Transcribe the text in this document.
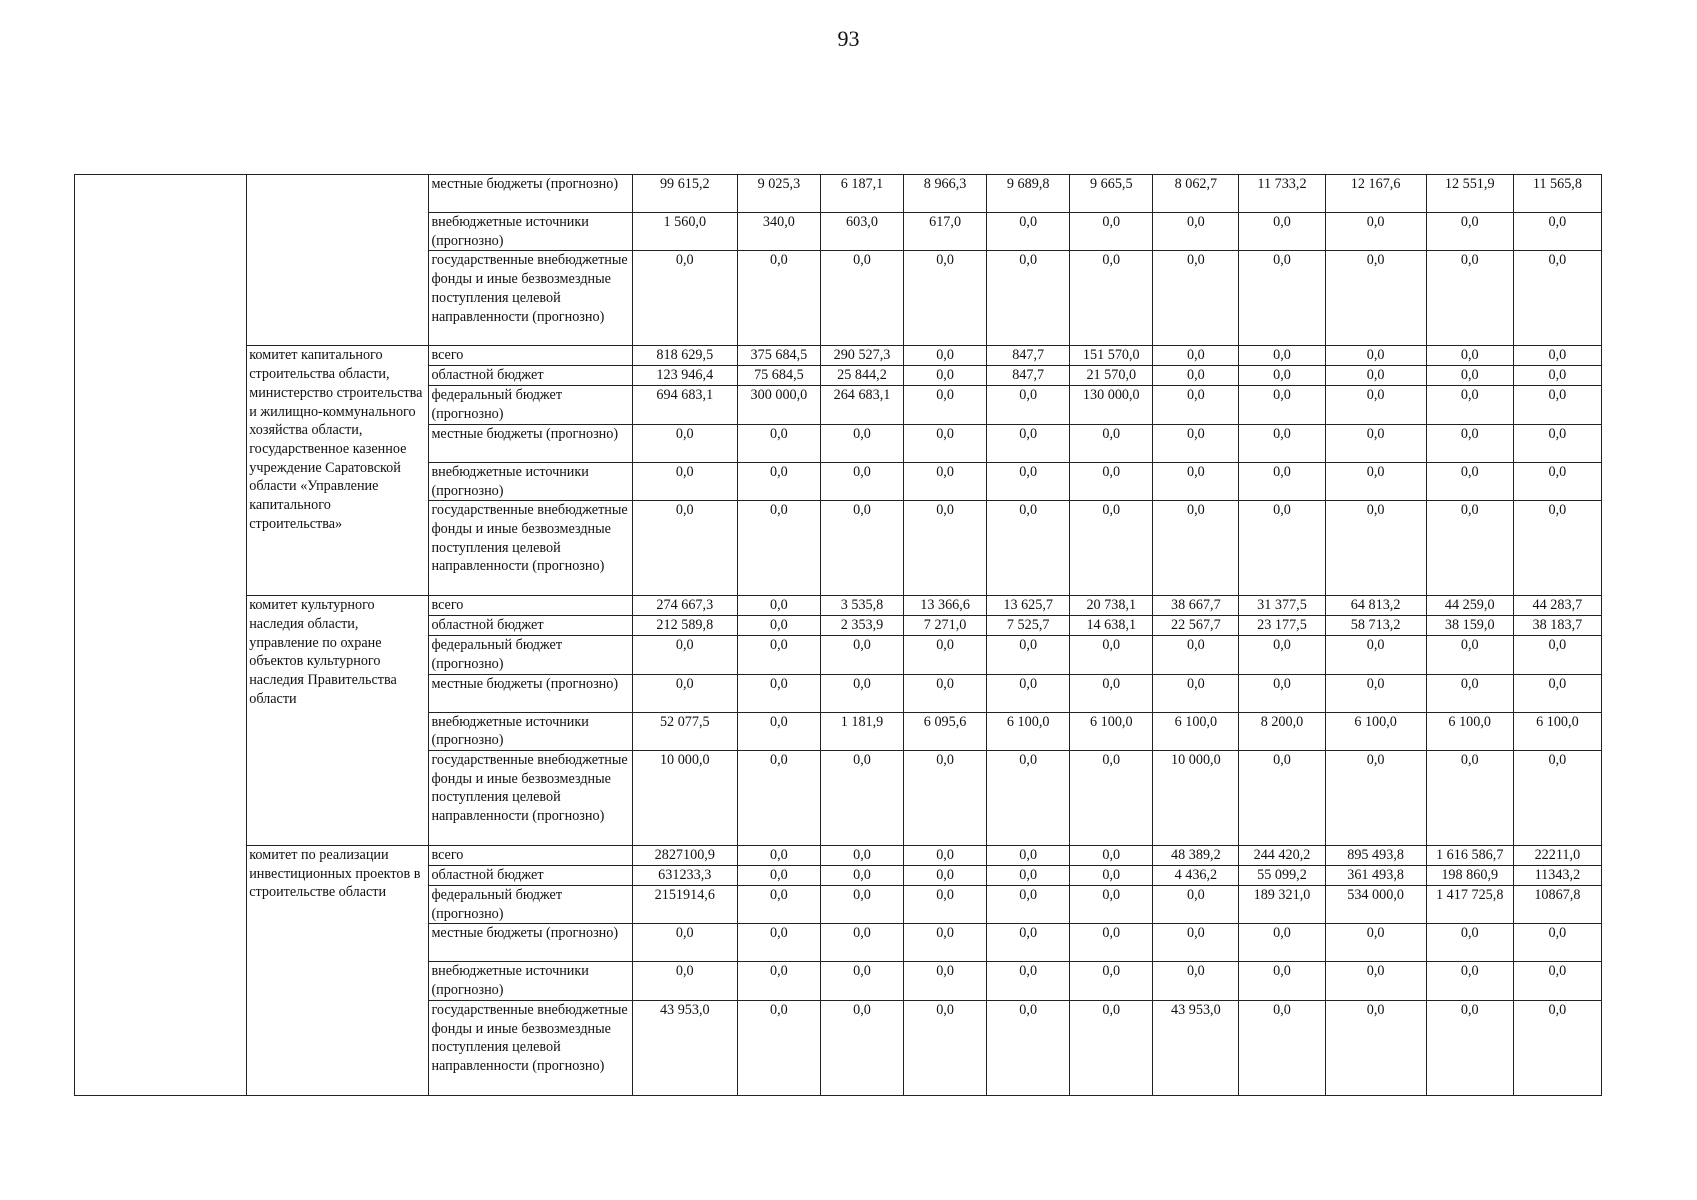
93
		местные бюджеты (прогнозно)	99 615,2	9 025,3	6 187,1	8 966,3	9 689,8	9 665,5	8 062,7	11 733,2	12 167,6	12 551,9	11 565,8
		внебюджетные источники (прогнозно)	1 560,0	340,0	603,0	617,0	0,0	0,0	0,0	0,0	0,0	0,0	0,0
		государственные внебюджетные фонды и иные безвозмездные поступления целевой направленности (прогнозно)	0,0	0,0	0,0	0,0	0,0	0,0	0,0	0,0	0,0	0,0	0,0
	комитет капитального строительства области, министерство строительства и жилищно-коммунального хозяйства области, государственное казенное учреждение Саратовской области «Управление капитального строительства»	всего	818 629,5	375 684,5	290 527,3	0,0	847,7	151 570,0	0,0	0,0	0,0	0,0	0,0
		областной бюджет	123 946,4	75 684,5	25 844,2	0,0	847,7	21 570,0	0,0	0,0	0,0	0,0	0,0
		федеральный бюджет (прогнозно)	694 683,1	300 000,0	264 683,1	0,0	0,0	130 000,0	0,0	0,0	0,0	0,0	0,0
		местные бюджеты (прогнозно)	0,0	0,0	0,0	0,0	0,0	0,0	0,0	0,0	0,0	0,0	0,0
		внебюджетные источники (прогнозно)	0,0	0,0	0,0	0,0	0,0	0,0	0,0	0,0	0,0	0,0	0,0
		государственные внебюджетные фонды и иные безвозмездные поступления целевой направленности (прогнозно)	0,0	0,0	0,0	0,0	0,0	0,0	0,0	0,0	0,0	0,0	0,0
	комитет культурного наследия области, управление по охране объектов культурного наследия Правительства области	всего	274 667,3	0,0	3 535,8	13 366,6	13 625,7	20 738,1	38 667,7	31 377,5	64 813,2	44 259,0	44 283,7
		областной бюджет	212 589,8	0,0	2 353,9	7 271,0	7 525,7	14 638,1	22 567,7	23 177,5	58 713,2	38 159,0	38 183,7
		федеральный бюджет (прогнозно)	0,0	0,0	0,0	0,0	0,0	0,0	0,0	0,0	0,0	0,0	0,0
		местные бюджеты (прогнозно)	0,0	0,0	0,0	0,0	0,0	0,0	0,0	0,0	0,0	0,0	0,0
		внебюджетные источники (прогнозно)	52 077,5	0,0	1 181,9	6 095,6	6 100,0	6 100,0	6 100,0	8 200,0	6 100,0	6 100,0	6 100,0
		государственные внебюджетные фонды и иные безвозмездные поступления целевой направленности (прогнозно)	10 000,0	0,0	0,0	0,0	0,0	0,0	10 000,0	0,0	0,0	0,0	0,0
	комитет по реализации инвестиционных проектов в строительстве области	всего	2827100,9	0,0	0,0	0,0	0,0	0,0	48 389,2	244 420,2	895 493,8	1 616 586,7	22211,0
		областной бюджет	631233,3	0,0	0,0	0,0	0,0	0,0	4 436,2	55 099,2	361 493,8	198 860,9	11343,2
		федеральный бюджет (прогнозно)	2151914,6	0,0	0,0	0,0	0,0	0,0	0,0	189 321,0	534 000,0	1 417 725,8	10867,8
		местные бюджеты (прогнозно)	0,0	0,0	0,0	0,0	0,0	0,0	0,0	0,0	0,0	0,0	0,0
		внебюджетные источники (прогнозно)	0,0	0,0	0,0	0,0	0,0	0,0	0,0	0,0	0,0	0,0	0,0
		государственные внебюджетные фонды и иные безвозмездные поступления целевой направленности (прогнозно)	43 953,0	0,0	0,0	0,0	0,0	0,0	43 953,0	0,0	0,0	0,0	0,0
